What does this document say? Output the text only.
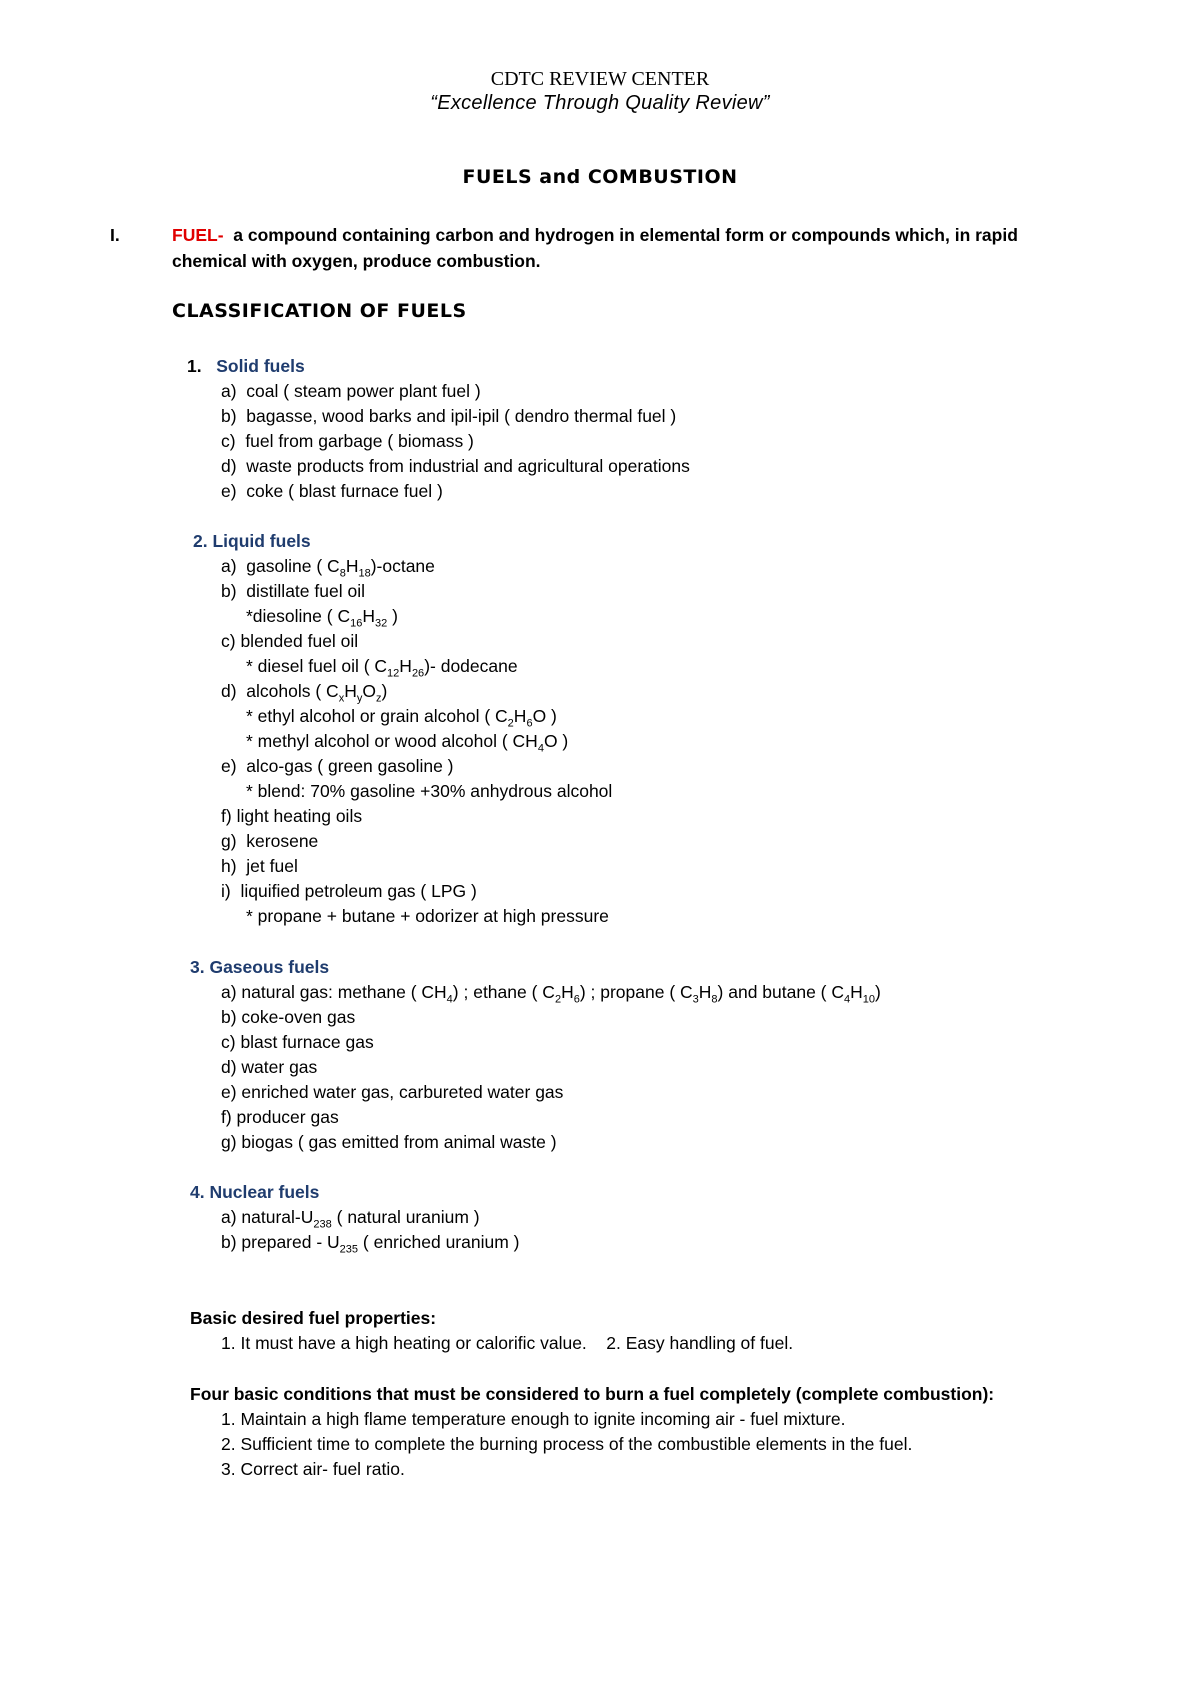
CDTC REVIEW CENTER
“Excellence Through Quality Review”
FUELS and COMBUSTION
I.	FUEL- a compound containing carbon and hydrogen in elemental form or compounds which, in rapid
chemical with oxygen, produce combustion.
CLASSIFICATION OF FUELS
1. Solid fuels
a) coal ( steam power plant fuel )
b) bagasse, wood barks and ipil-ipil ( dendro thermal fuel )
c) fuel from garbage ( biomass )
d) waste products from industrial and agricultural operations
e) coke ( blast furnace fuel )
2. Liquid fuels
a) gasoline ( $C_8H_{18}$)-octane
b) distillate fuel oil
*diesoline ( $C_{16}H_{32}$ )
c) blended fuel oil
* diesel fuel oil ( $C_{12}H_{26})-$ dodecane
d) alcohols ( $C_xH_yO_z$)
* ethyl alcohol or grain alcohol ( $C_2H_6O$ )
* methyl alcohol or wood alcohol ( $CH_4O$ )
e) alco-gas ( green gasoline )
* blend: 70% gasoline +30% anhydrous alcohol
f) light heating oils
g) kerosene
h) jet fuel
i) liquified petroleum gas ( LPG )
* propane + butane + odorizer at high pressure
3. Gaseous fuels
a) natural gas: methane ( $CH_4$) ; ethane ( $C_2H_6$) ; propane ( $C_3H_8$) and butane ( $C_4H_{10}$)
b) coke-oven gas
c) blast furnace gas
d) water gas
e) enriched water gas, carbureted water gas
f) producer gas
g) biogas ( gas emitted from animal waste )
4. Nuclear fuels
a) natural-$U_{238}$ ( natural uranium )
b) prepared - $U_{235}$ ( enriched uranium )
Basic desired fuel properties:
1. It must have a high heating or calorific value. 2. Easy handling of fuel.
Four basic conditions that must be considered to burn a fuel completely (complete combustion):
1. Maintain a high flame temperature enough to ignite incoming air - fuel mixture.
2. Sufficient time to complete the burning process of the combustible elements in the fuel.
3. Correct air- fuel ratio.
